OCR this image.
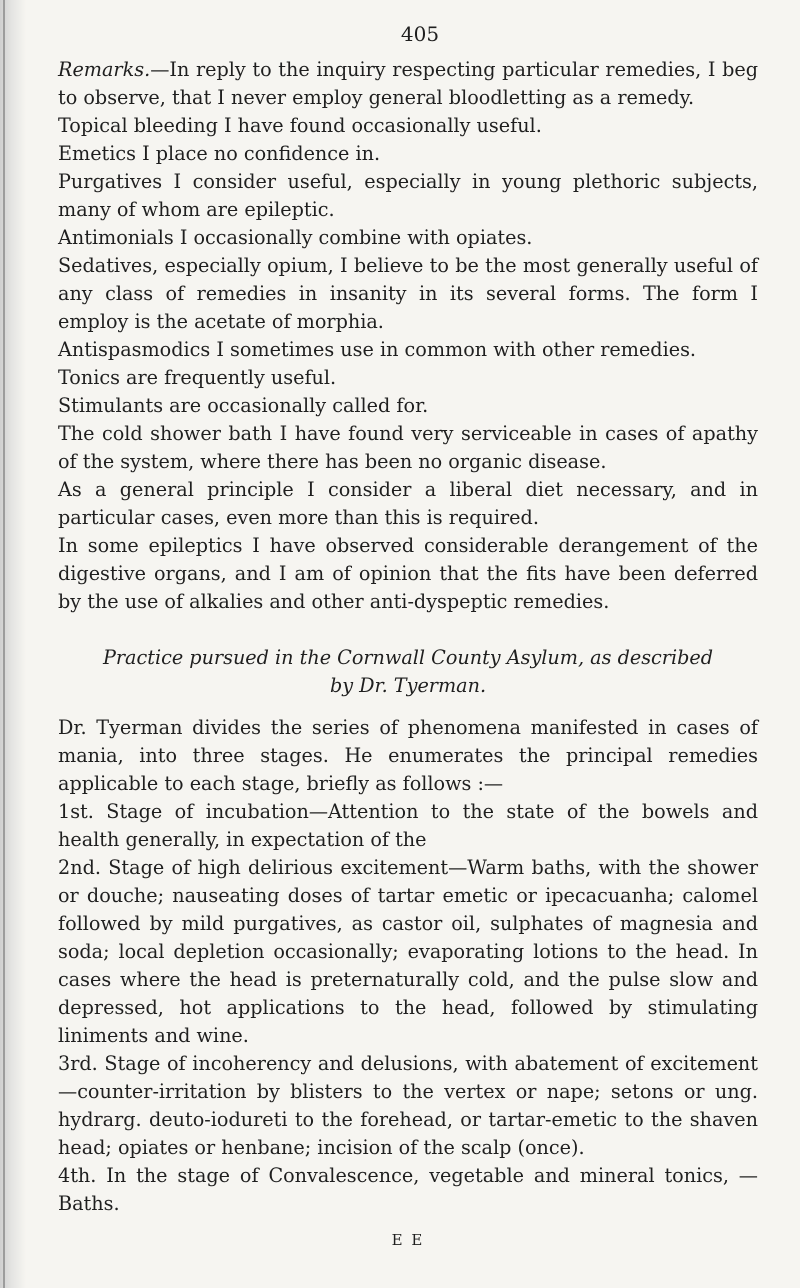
405

Remarks.—In reply to the inquiry respecting particular remedies, I beg to observe, that I never employ general bloodletting as a remedy.

Topical bleeding I have found occasionally useful.

Emetics I place no confidence in.

Purgatives I consider useful, especially in young plethoric subjects, many of whom are epileptic.

Antimonials I occasionally combine with opiates.

Sedatives, especially opium, I believe to be the most generally useful of any class of remedies in insanity in its several forms. The form I employ is the acetate of morphia.

Antispasmodics I sometimes use in common with other remedies.

Tonics are frequently useful.

Stimulants are occasionally called for.

The cold shower bath I have found very serviceable in cases of apathy of the system, where there has been no organic disease.

As a general principle I consider a liberal diet necessary, and in particular cases, even more than this is required.

In some epileptics I have observed considerable derangement of the digestive organs, and I am of opinion that the fits have been deferred by the use of alkalies and other anti-dyspeptic remedies.

Practice pursued in the Cornwall County Asylum, as described
by Dr. Tyerman.

Dr. Tyerman divides the series of phenomena manifested in cases of mania, into three stages. He enumerates the principal remedies applicable to each stage, briefly as follows :—

1st. Stage of incubation—Attention to the state of the bowels and health generally, in expectation of the

2nd. Stage of high delirious excitement—Warm baths, with the shower or douche; nauseating doses of tartar emetic or ipecacuanha; calomel followed by mild purgatives, as castor oil, sulphates of magnesia and soda; local depletion occasionally; evaporating lotions to the head. In cases where the head is preternaturally cold, and the pulse slow and depressed, hot applications to the head, followed by stimulating liniments and wine.

3rd. Stage of incoherency and delusions, with abatement of excitement—counter-irritation by blisters to the vertex or nape; setons or ung. hydrarg. deuto-iodureti to the forehead, or tartar-emetic to the shaven head; opiates or henbane; incision of the scalp (once).

4th. In the stage of Convalescence, vegetable and mineral tonics, —Baths.

E E
